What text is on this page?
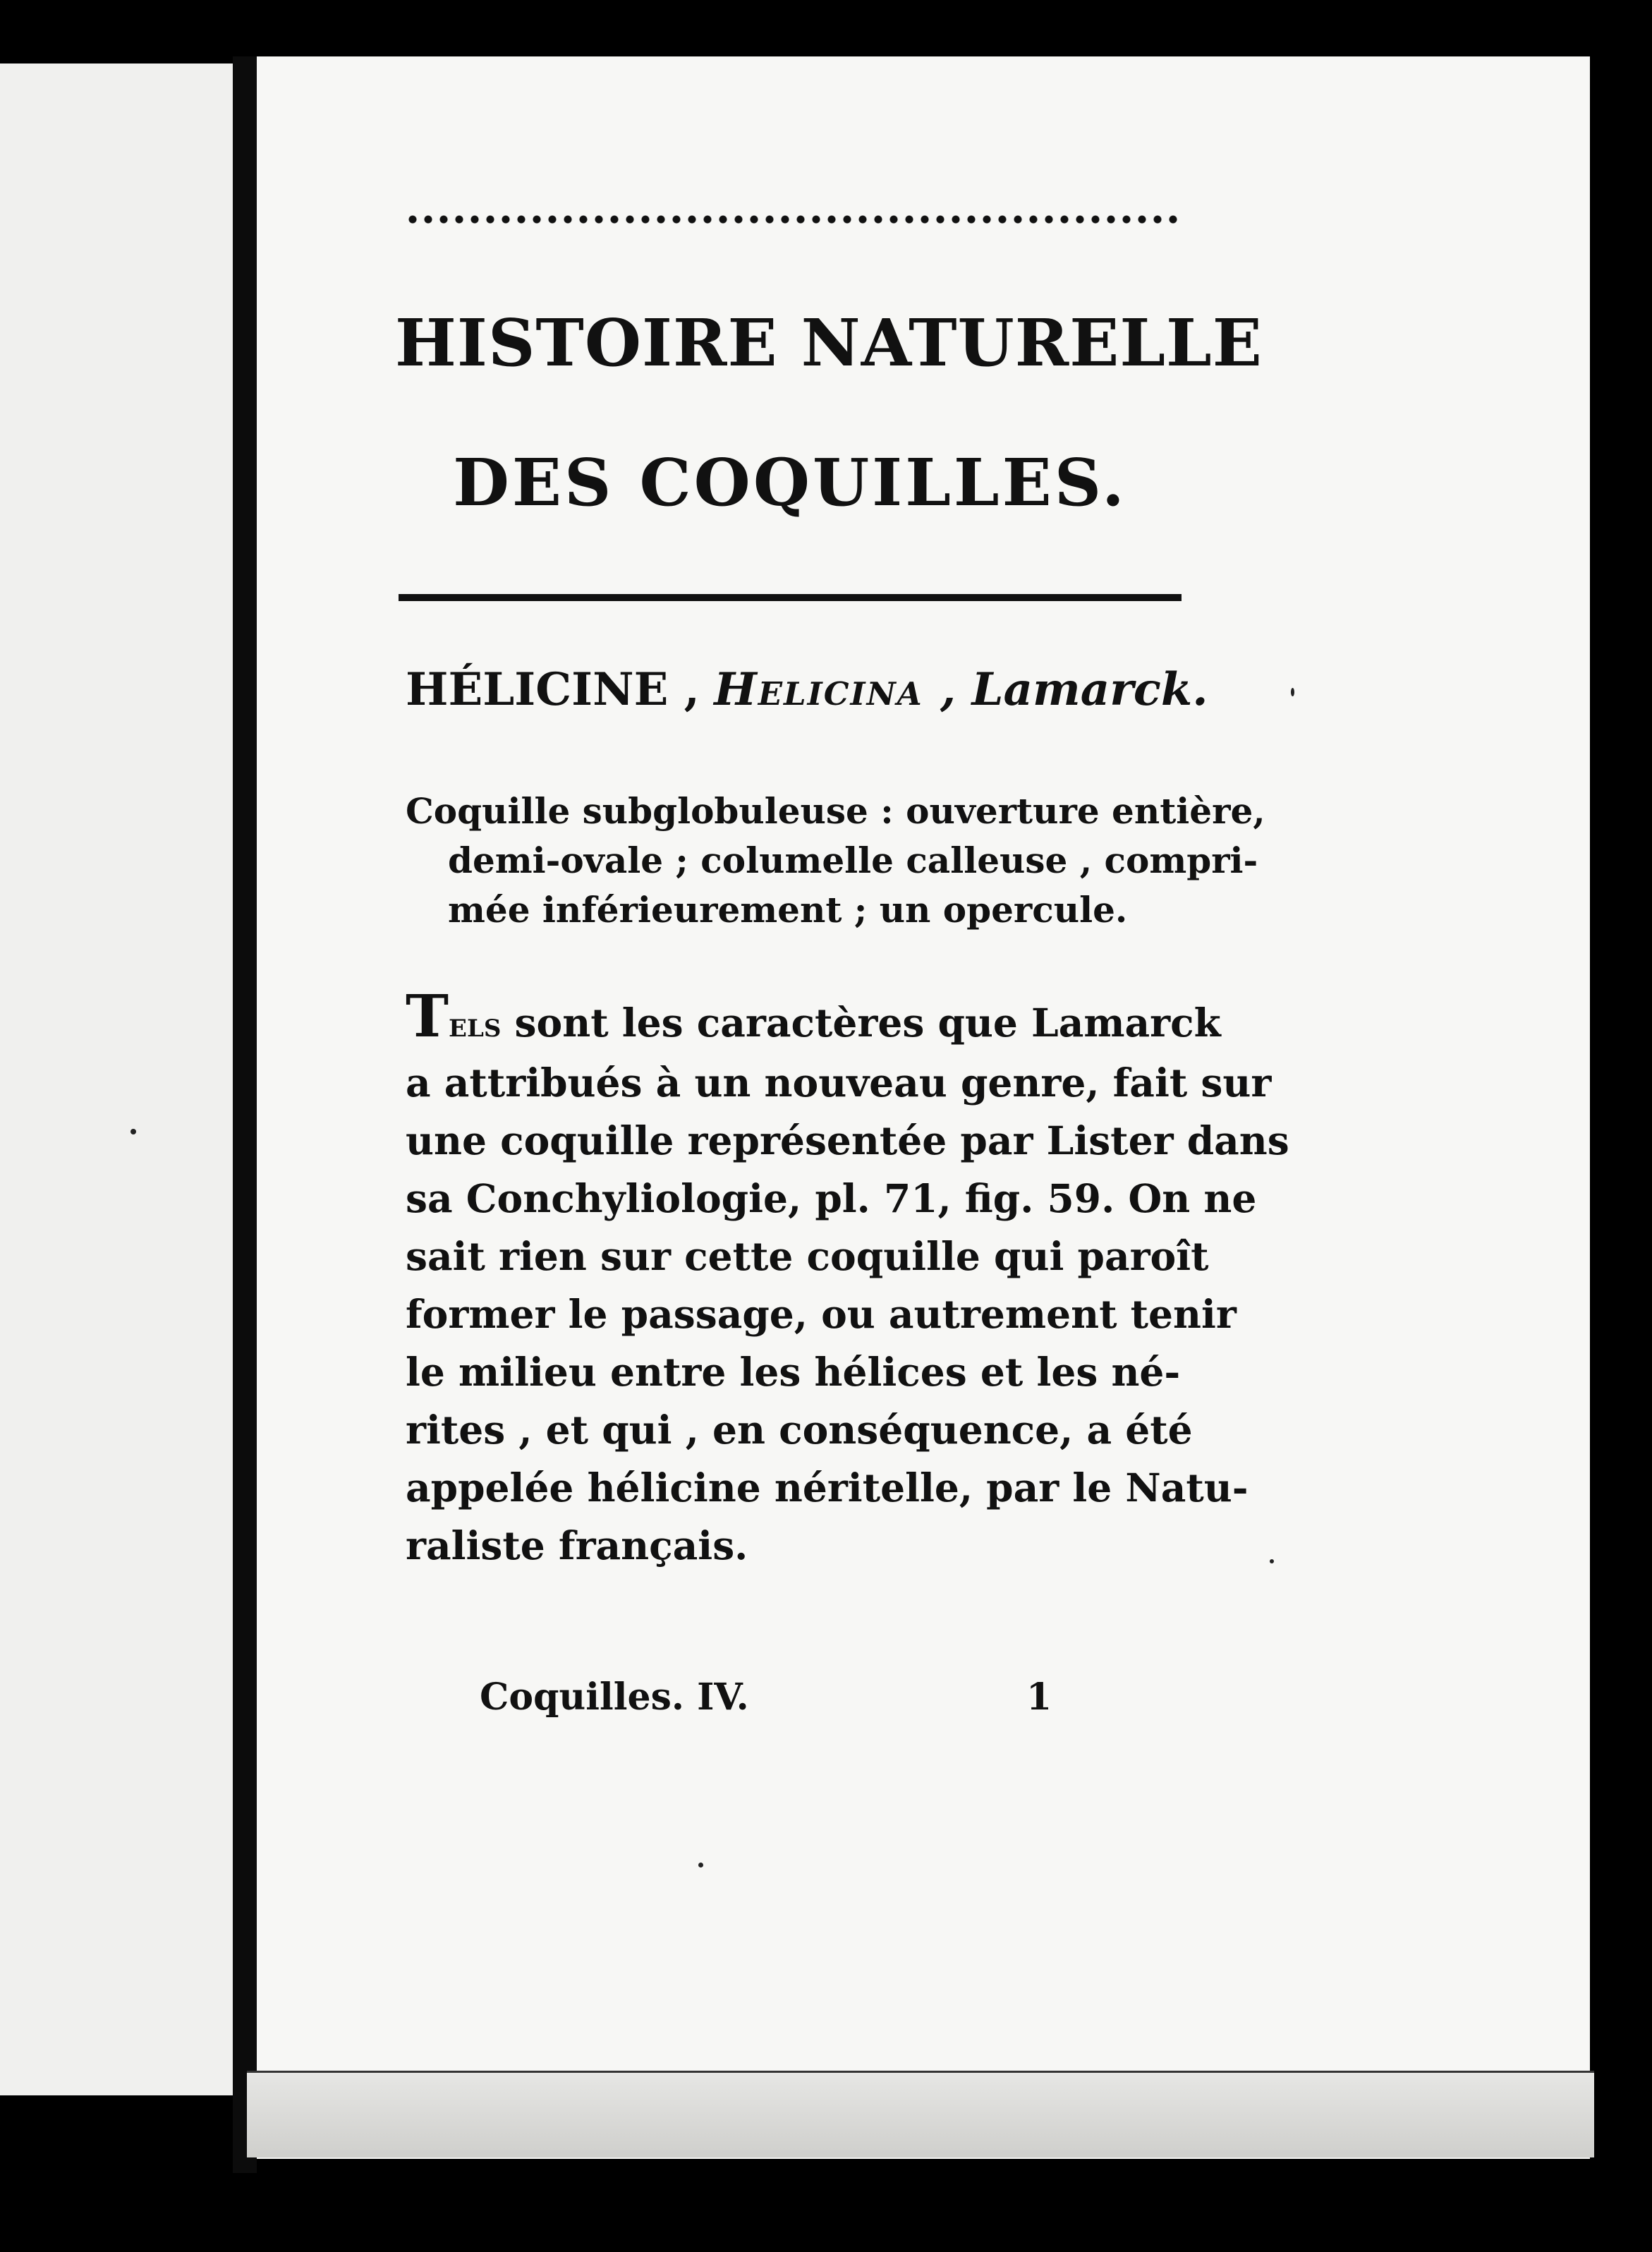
HISTOIRE NATURELLE
DES COQUILLES.
HÉLICINE , Helicina , Lamarck.
Coquille subglobuleuse : ouverture entière,
demi-ovale ; columelle calleuse , compri-
mée inférieurement ; un opercule.
Tels sont les caractères que Lamarck
a attribués à un nouveau genre, fait sur
une coquille représentée par Lister dans
sa Conchyliologie, pl. 71, fig. 59. On ne
sait rien sur cette coquille qui paroît
former le passage, ou autrement tenir
le milieu entre les hélices et les né-
rites , et qui , en conséquence, a été
appelée hélicine néritelle, par le Natu-
raliste français.
Coquilles. IV.	1
